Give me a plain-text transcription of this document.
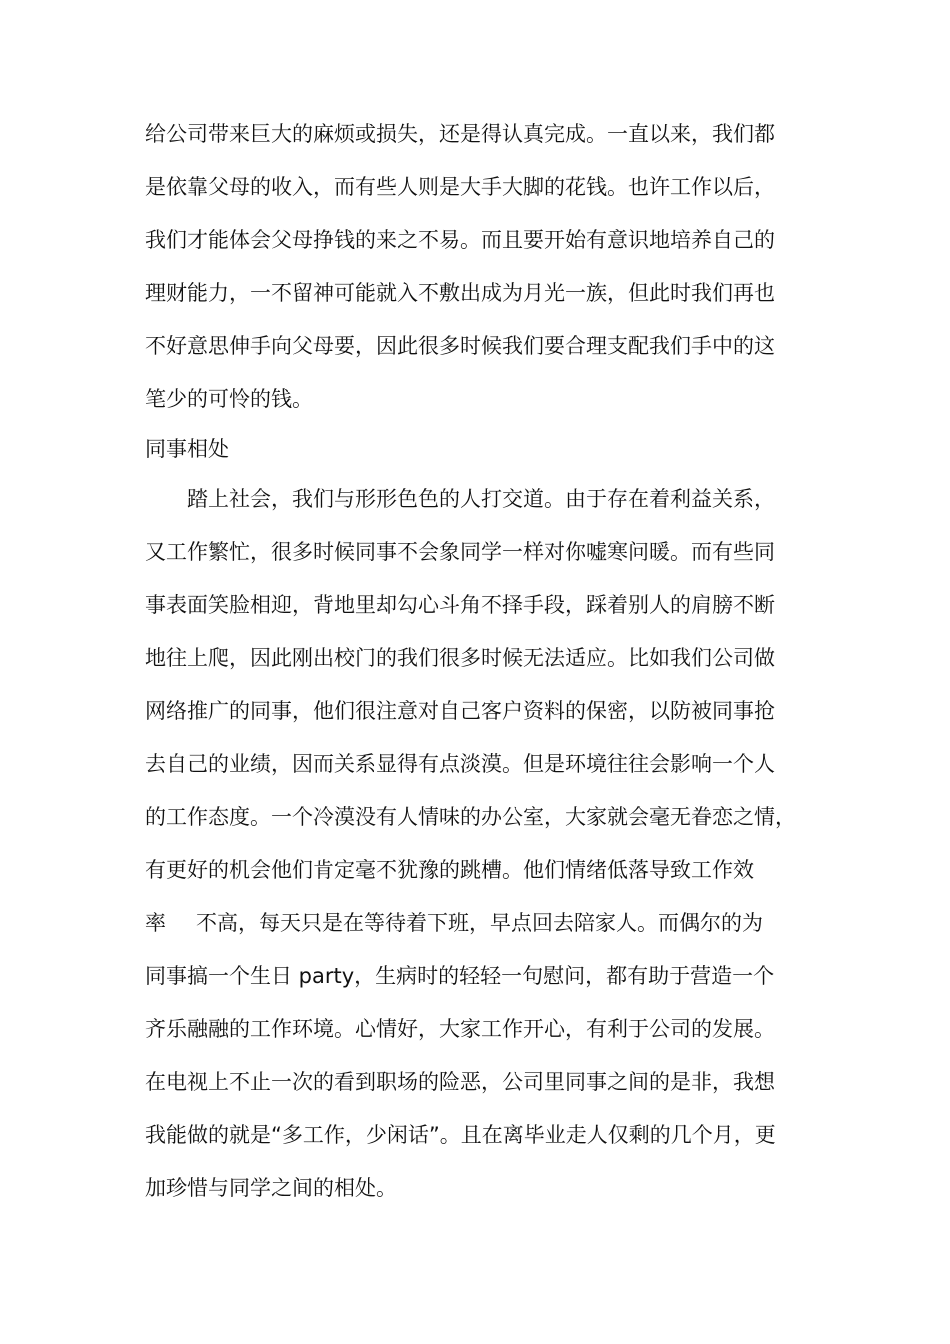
给公司带来巨大的麻烦或损失，还是得认真完成。一直以来，我们都
是依靠父母的收入，而有些人则是大手大脚的花钱。也许工作以后，
我们才能体会父母挣钱的来之不易。而且要开始有意识地培养自己的
理财能力，一不留神可能就入不敷出成为月光一族，但此时我们再也
不好意思伸手向父母要，因此很多时候我们要合理支配我们手中的这
笔少的可怜的钱。
同事相处
踏上社会，我们与形形色色的人打交道。由于存在着利益关系，
又工作繁忙，很多时候同事不会象同学一样对你嘘寒问暖。而有些同
事表面笑脸相迎，背地里却勾心斗角不择手段，踩着别人的肩膀不断
地往上爬，因此刚出校门的我们很多时候无法适应。比如我们公司做
网络推广的同事，他们很注意对自己客户资料的保密，以防被同事抢
去自己的业绩，因而关系显得有点淡漠。但是环境往往会影响一个人
的工作态度。一个冷漠没有人情味的办公室，大家就会毫无眷恋之情，
有更好的机会他们肯定毫不犹豫的跳槽。他们情绪低落导致工作效
率 不高，每天只是在等待着下班，早点回去陪家人。而偶尔的为
同事搞一个生日 party，生病时的轻轻一句慰问，都有助于营造一个
齐乐融融的工作环境。心情好，大家工作开心，有利于公司的发展。
在电视上不止一次的看到职场的险恶，公司里同事之间的是非，我想
我能做的就是“多工作，少闲话”。且在离毕业走人仅剩的几个月，更
加珍惜与同学之间的相处。
